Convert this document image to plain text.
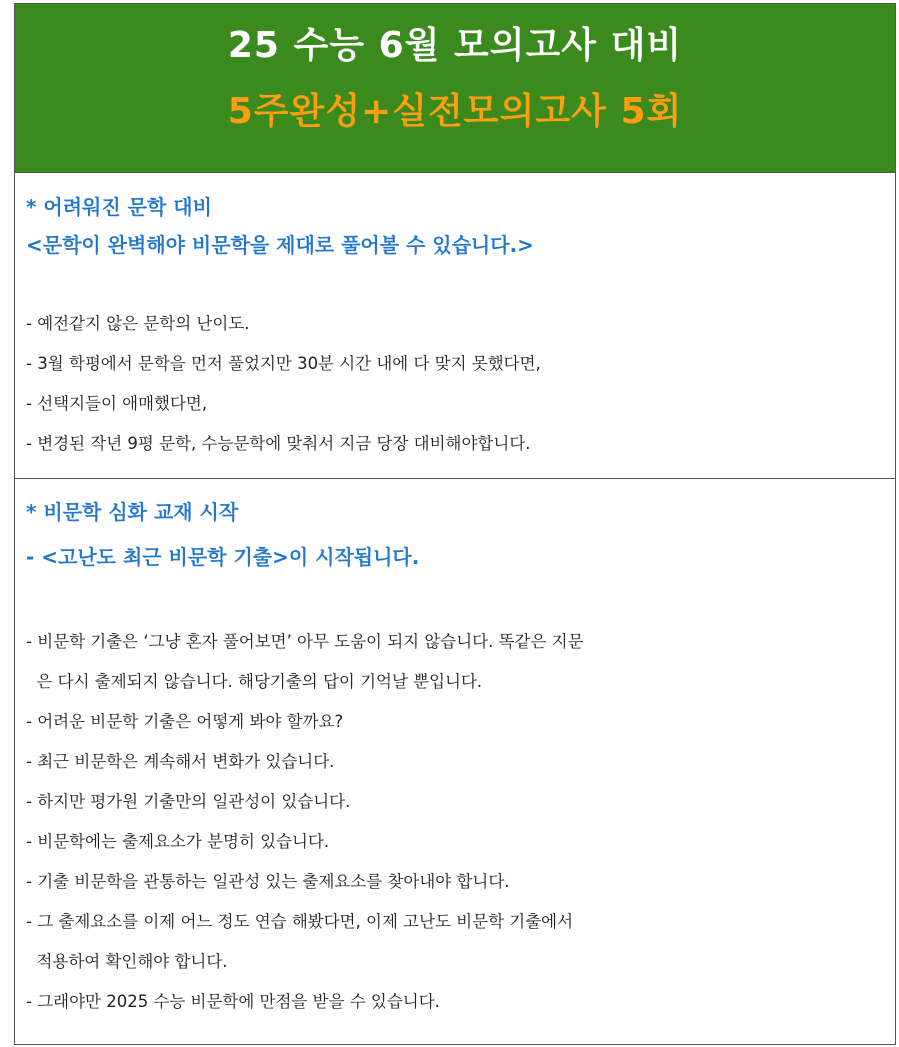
25 수능 6월 모의고사 대비
5주완성+실전모의고사 5회
* 어려워진 문학 대비
<문학이 완벽해야 비문학을 제대로 풀어볼 수 있습니다.>
- 예전같지 않은 문학의 난이도.
- 3월 학평에서 문학을 먼저 풀었지만 30분 시간 내에 다 맞지 못했다면,
- 선택지들이 애매했다면,
- 변경된 작년 9평 문학, 수능문학에 맞춰서 지금 당장 대비해야합니다.
* 비문학 심화 교재 시작
- <고난도 최근 비문학 기출>이 시작됩니다.
- 비문학 기출은 ‘그냥 혼자 풀어보면’ 아무 도움이 되지 않습니다. 똑같은 지문
은 다시 출제되지 않습니다. 해당기출의 답이 기억날 뿐입니다.
- 어려운 비문학 기출은 어떻게 봐야 할까요?
- 최근 비문학은 계속해서 변화가 있습니다.
- 하지만 평가원 기출만의 일관성이 있습니다.
- 비문학에는 출제요소가 분명히 있습니다.
- 기출 비문학을 관통하는 일관성 있는 출제요소를 찾아내야 합니다.
- 그 출제요소를 이제 어느 정도 연습 해봤다면, 이제 고난도 비문학 기출에서
적용하여 확인해야 합니다.
- 그래야만 2025 수능 비문학에 만점을 받을 수 있습니다.
